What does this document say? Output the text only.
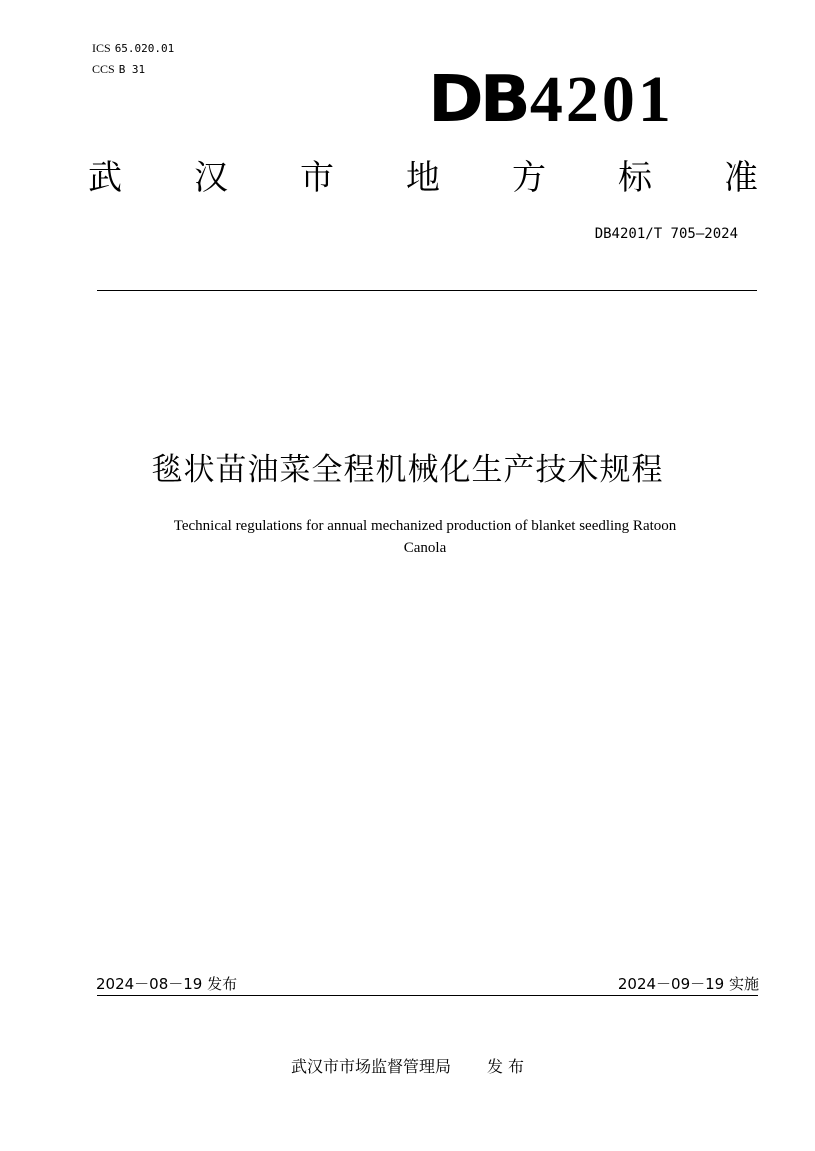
ICS 65.020.01
CCS B 31	DB 4201
武 汉 市 地 方 标 准
DB4201/T 705—2024
毯状苗油菜全程机械化生产技术规程
Technical regulations for annual mechanized production of blanket seedling Ratoon
Canola
2024－08－19 发布	2024－09－19 实施
武汉市市场监督管理局 发 布
